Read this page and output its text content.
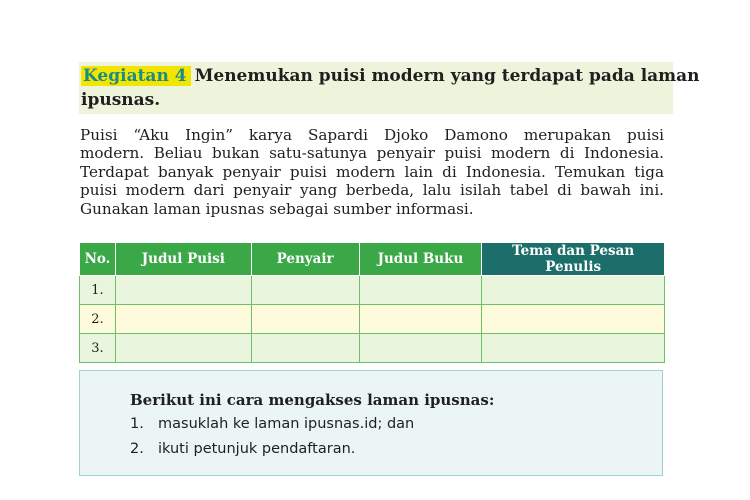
Kegiatan 4 Menemukan puisi modern yang terdapat pada laman
ipusnas.

Puisi “Aku Ingin” karya Sapardi Djoko Damono merupakan puisi
modern. Beliau bukan satu-satunya penyair puisi modern di Indonesia.
Terdapat banyak penyair puisi modern lain di Indonesia. Temukan tiga
puisi modern dari penyair yang berbeda, lalu isilah tabel di bawah ini.
Gunakan laman ipusnas sebagai sumber informasi.

No.	Judul Puisi	Penyair	Judul Buku	Tema dan Pesan Penulis
1.				
2.				
3.				
Berikut ini cara mengakses laman ipusnas:
1. masuklah ke laman ipusnas.id; dan
2. ikuti petunjuk pendaftaran.
